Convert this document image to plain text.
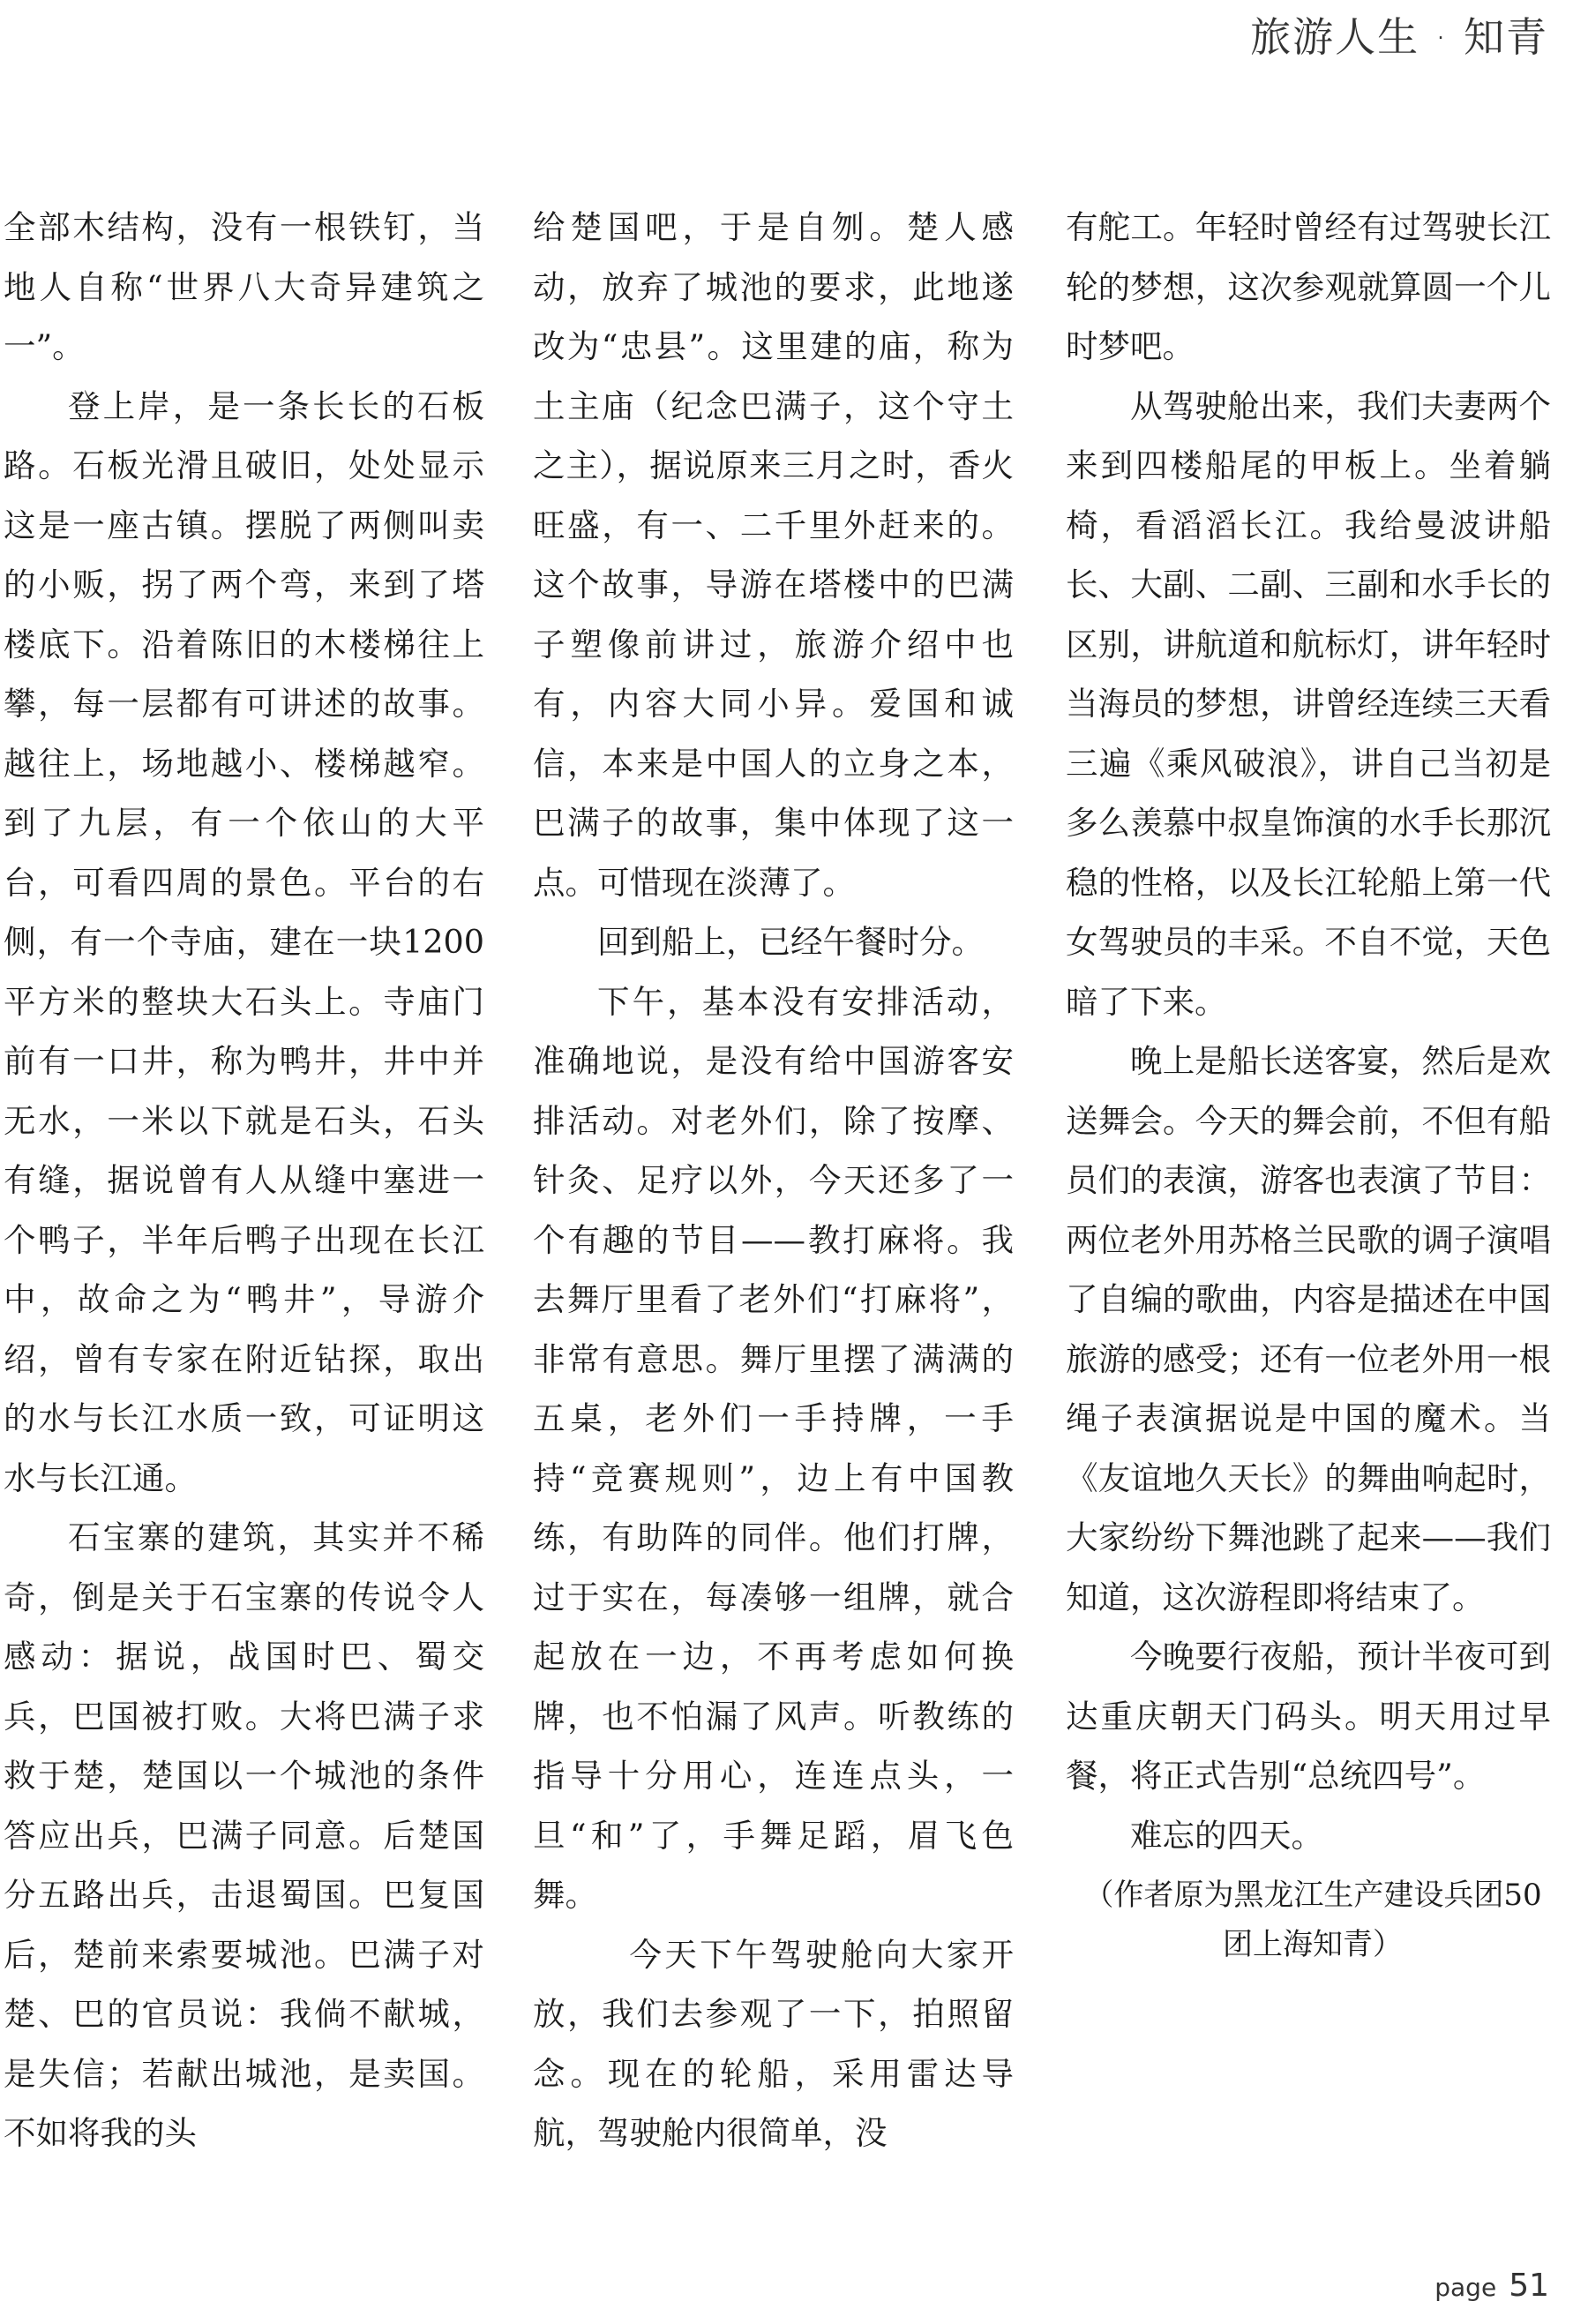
旅游人生 · 知青

全部木结构，没有一根铁钉，当地人自称“世界八大奇异建筑之一”。

登上岸，是一条长长的石板路。石板光滑且破旧，处处显示这是一座古镇。摆脱了两侧叫卖的小贩，拐了两个弯，来到了塔楼底下。沿着陈旧的木楼梯往上攀，每一层都有可讲述的故事。越往上，场地越小、楼梯越窄。到了九层，有一个依山的大平台，可看四周的景色。平台的右侧，有一个寺庙，建在一块1200平方米的整块大石头上。寺庙门前有一口井，称为鸭井，井中并无水，一米以下就是石头，石头有缝，据说曾有人从缝中塞进一个鸭子，半年后鸭子出现在长江中，故命之为“鸭井”，导游介绍，曾有专家在附近钻探，取出的水与长江水质一致，可证明这水与长江通。

石宝寨的建筑，其实并不稀奇，倒是关于石宝寨的传说令人感动：据说，战国时巴、蜀交兵，巴国被打败。大将巴满子求救于楚，楚国以一个城池的条件答应出兵，巴满子同意。后楚国分五路出兵，击退蜀国。巴复国后，楚前来索要城池。巴满子对楚、巴的官员说：我倘不献城，是失信；若献出城池，是卖国。不如将我的头

给楚国吧，于是自刎。楚人感动，放弃了城池的要求，此地遂改为“忠县”。这里建的庙，称为土主庙（纪念巴满子，这个守土之主），据说原来三月之时，香火旺盛，有一、二千里外赶来的。这个故事，导游在塔楼中的巴满子塑像前讲过，旅游介绍中也有，内容大同小异。爱国和诚信，本来是中国人的立身之本，巴满子的故事，集中体现了这一点。可惜现在淡薄了。

回到船上，已经午餐时分。

下午，基本没有安排活动，准确地说，是没有给中国游客安排活动。对老外们，除了按摩、针灸、足疗以外，今天还多了一个有趣的节目——教打麻将。我去舞厅里看了老外们“打麻将”，非常有意思。舞厅里摆了满满的五桌，老外们一手持牌，一手持“竞赛规则”，边上有中国教练，有助阵的同伴。他们打牌，过于实在，每凑够一组牌，就合起放在一边，不再考虑如何换牌，也不怕漏了风声。听教练的指导十分用心，连连点头，一旦“和”了，手舞足蹈，眉飞色舞。

今天下午驾驶舱向大家开放，我们去参观了一下，拍照留念。现在的轮船，采用雷达导航，驾驶舱内很简单，没

有舵工。年轻时曾经有过驾驶长江轮的梦想，这次参观就算圆一个儿时梦吧。

从驾驶舱出来，我们夫妻两个来到四楼船尾的甲板上。坐着躺椅，看滔滔长江。我给曼波讲船长、大副、二副、三副和水手长的区别，讲航道和航标灯，讲年轻时当海员的梦想，讲曾经连续三天看三遍《乘风破浪》，讲自己当初是多么羡慕中叔皇饰演的水手长那沉稳的性格，以及长江轮船上第一代女驾驶员的丰采。不自不觉，天色暗了下来。

晚上是船长送客宴，然后是欢送舞会。今天的舞会前，不但有船员们的表演，游客也表演了节目：两位老外用苏格兰民歌的调子演唱了自编的歌曲，内容是描述在中国旅游的感受；还有一位老外用一根绳子表演据说是中国的魔术。当《友谊地久天长》的舞曲响起时，大家纷纷下舞池跳了起来——我们知道，这次游程即将结束了。

今晚要行夜船，预计半夜可到达重庆朝天门码头。明天用过早餐，将正式告别“总统四号”。

难忘的四天。

（作者原为黑龙江生产建设兵团50团上海知青）

page 51
